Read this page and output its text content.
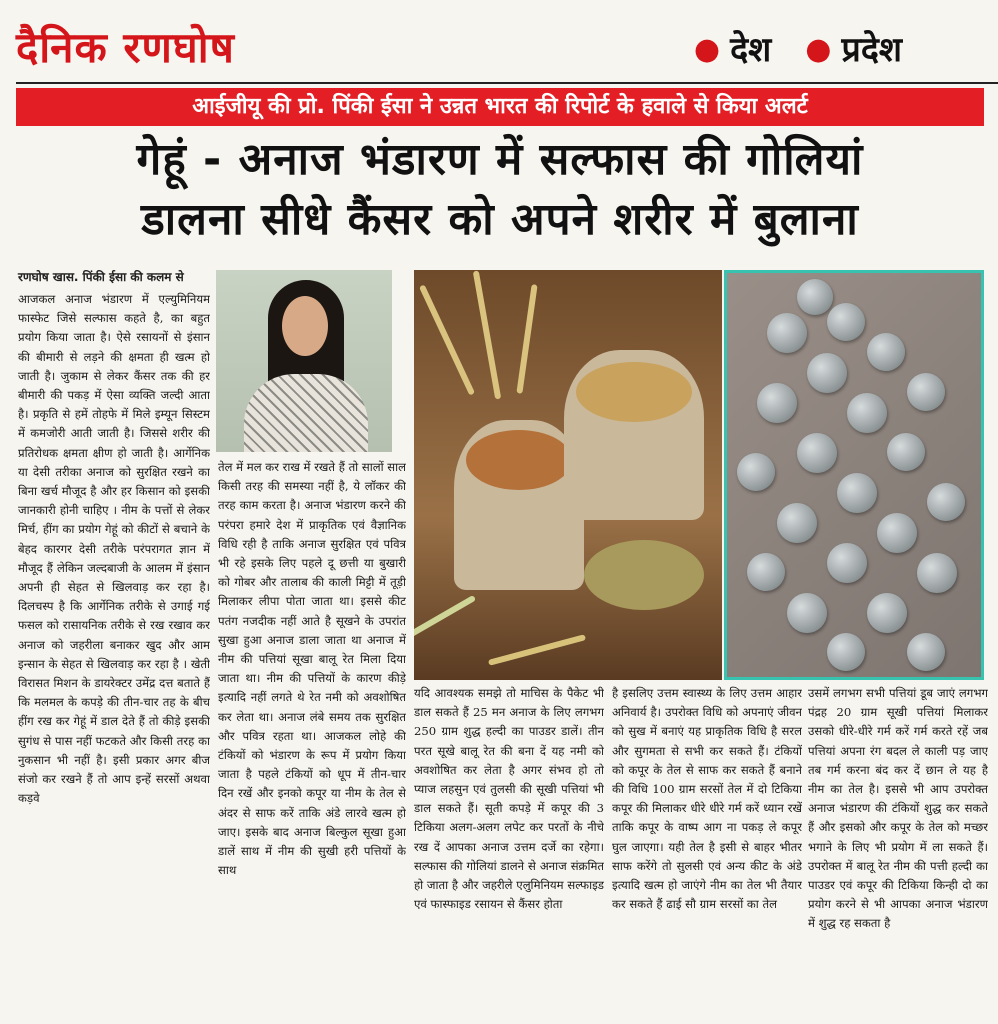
दैनिक रणघोष	● देश ● प्रदेश
आईजीयू की प्रो. पिंकी ईसा ने उन्नत भारत की रिपोर्ट के हवाले से किया अलर्ट
गेहूं - अनाज भंडारण में सल्फास की गोलियां
डालना सीधे कैंसर को अपने शरीर में बुलाना
रणघोष खास. पिंकी ईसा की कलम से

आजकल अनाज भंडारण में एल्युमिनियम फास्फेट जिसे सल्फास कहते है, का बहुत प्रयोग किया जाता है। ऐसे रसायनों से इंसान की बीमारी से लड़ने की क्षमता ही खत्म हो जाती है। जुकाम से लेकर कैंसर तक की हर बीमारी की पकड़ में ऐसा व्यक्ति जल्दी आता है। प्रकृति से हमें तोहफे में मिले इम्यून सिस्टम में कमजोरी आती जाती है। जिससे शरीर की प्रतिरोधक क्षमता क्षीण हो जाती है। आर्गेनिक या देसी तरीका अनाज को सुरक्षित रखने का बिना खर्च मौजूद है और हर किसान को इसकी जानकारी होनी चाहिए । नीम के पत्तों से लेकर मिर्च, हींग का प्रयोग गेहूं को कीटों से बचाने के बेहद कारगर देसी तरीके परंपरागत ज्ञान में मौजूद हैं लेकिन जल्दबाजी के आलम में इंसान अपनी ही सेहत से खिलवाड़ कर रहा है। दिलचस्प है कि आर्गेनिक तरीके से उगाई गई फसल को रासायनिक तरीके से रख रखाव कर अनाज को जहरीला बनाकर खुद और आम इन्सान के सेहत से खिलवाड़ कर रहा है । खेती विरासत मिशन के डायरेक्टर उमेंद्र दत्त बताते हैं कि मलमल के कपड़े की तीन-चार तह के बीच हींग रख कर गेहूं में डाल देते हैं तो कीड़े इसकी सुगंध से पास नहीं फटकते और किसी तरह का नुकसान भी नहीं है। इसी प्रकार अगर बीज संजो कर रखने हैं तो आप इन्हें सरसों अथवा कड़वे

तेल में मल कर राख में रखते हैं तो सालों साल किसी तरह की समस्या नहीं है, ये लॉकर की तरह काम करता है। अनाज भंडारण करने की परंपरा हमारे देश में प्राकृतिक एवं वैज्ञानिक विधि रही है ताकि अनाज सुरक्षित एवं पवित्र भी रहे इसके लिए पहले दू छत्ती या बुखारी को गोबर और तालाब की काली मिट्टी में तूड़ी मिलाकर लीपा पोता जाता था। इससे कीट पतंग नजदीक नहीं आते है सूखने के उपरांत सुखा हुआ अनाज डाला जाता था अनाज में नीम की पत्तियां सूखा बालू रेत मिला दिया जाता था। नीम की पत्तियों के कारण कीड़े इत्यादि नहीं लगते थे रेत नमी को अवशोषित कर लेता था। अनाज लंबे समय तक सुरक्षित और पवित्र रहता था। आजकल लोहे की टंकियों को भंडारण के रूप में प्रयोग किया जाता है पहले टंकियों को धूप में तीन-चार दिन रखें और इनको कपूर या नीम के तेल से अंदर से साफ करें ताकि अंडे लारवे खत्म हो जाए। इसके बाद अनाज बिल्कुल सूखा हुआ डालें साथ में नीम की सुखी हरी पत्तियों के साथ

यदि आवश्यक समझे तो माचिस के पैकेट भी डाल सकते हैं 25 मन अनाज के लिए लगभग 250 ग्राम शुद्ध हल्दी का पाउडर डालें। तीन परत सूखे बालू रेत की बना दें यह नमी को अवशोषित कर लेता है अगर संभव हो तो प्याज लहसुन एवं तुलसी की सूखी पत्तियां भी डाल सकते हैं। सूती कपड़े में कपूर की 3 टिकिया अलग-अलग लपेट कर परतों के नीचे रख दें आपका अनाज उत्तम दर्जे का रहेगा। सल्फास की गोलियां डालने से अनाज संक्रमित हो जाता है और जहरीले एलुमिनियम सल्फाइड एवं फास्फाइड रसायन से कैंसर होता

है इसलिए उत्तम स्वास्थ्य के लिए उत्तम आहार अनिवार्य है। उपरोक्त विधि को अपनाएं जीवन को सुख में बनाएं यह प्राकृतिक विधि है सरल और सुगमता से सभी कर सकते हैं। टंकियों को कपूर के तेल से साफ कर सकते हैं बनाने की विधि 100 ग्राम सरसों तेल में दो टिकिया कपूर की मिलाकर धीरे धीरे गर्म करें ध्यान रखें ताकि कपूर के वाष्प आग ना पकड़ ले कपूर घुल जाएगा। यही तेल है इसी से बाहर भीतर साफ करेंगे तो सुलसी एवं अन्य कीट के अंडे इत्यादि खत्म हो जाएंगे नीम का तेल भी तैयार कर सकते हैं ढाई सौ ग्राम सरसों का तेल

उसमें लगभग सभी पत्तियां डूब जाएं लगभग पंद्रह 20 ग्राम सूखी पत्तियां मिलाकर उसको धीरे-धीरे गर्म करें गर्म करते रहें जब पत्तियां अपना रंग बदल ले काली पड़ जाए तब गर्म करना बंद कर दें छान ले यह है नीम का तेल है। इससे भी आप उपरोक्त अनाज भंडारण की टंकियों शुद्ध कर सकते हैं और इसको और कपूर के तेल को मच्छर भगाने के लिए भी प्रयोग में ला सकते हैं। उपरोक्त में बालू रेत नीम की पत्ती हल्दी का पाउडर एवं कपूर की टिकिया किन्ही दो का प्रयोग करने से भी आपका अनाज भंडारण में शुद्ध रह सकता है
